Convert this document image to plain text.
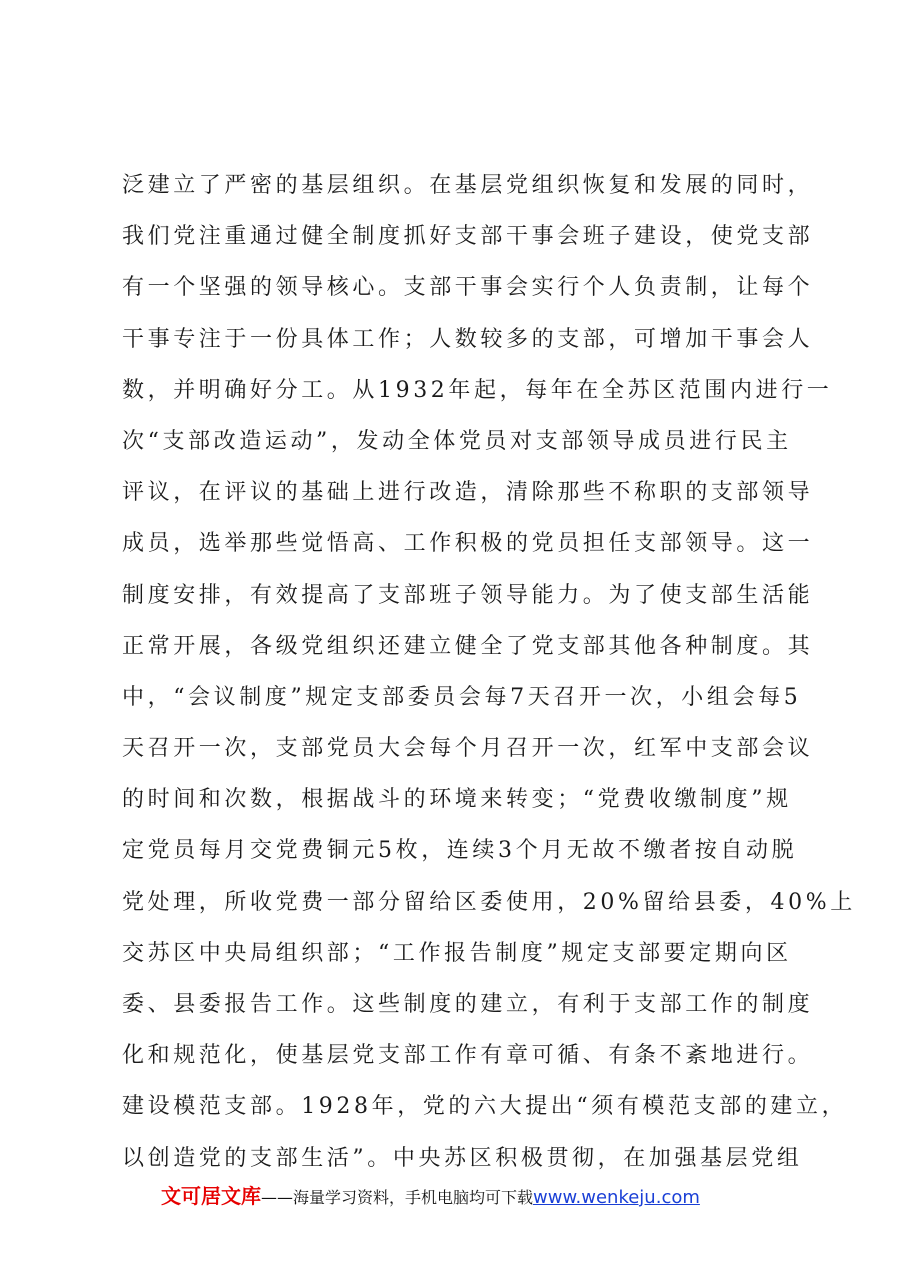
泛建立了严密的基层组织。在基层党组织恢复和发展的同时，
我们党注重通过健全制度抓好支部干事会班子建设，使党支部
有一个坚强的领导核心。支部干事会实行个人负责制，让每个
干事专注于一份具体工作；人数较多的支部，可增加干事会人
数，并明确好分工。从1932年起，每年在全苏区范围内进行一
次“支部改造运动”，发动全体党员对支部领导成员进行民主
评议，在评议的基础上进行改造，清除那些不称职的支部领导
成员，选举那些觉悟高、工作积极的党员担任支部领导。这一
制度安排，有效提高了支部班子领导能力。为了使支部生活能
正常开展，各级党组织还建立健全了党支部其他各种制度。其
中，“会议制度”规定支部委员会每7天召开一次，小组会每5
天召开一次，支部党员大会每个月召开一次，红军中支部会议
的时间和次数，根据战斗的环境来转变；“党费收缴制度”规
定党员每月交党费铜元5枚，连续3个月无故不缴者按自动脱
党处理，所收党费一部分留给区委使用，20%留给县委，40%上
交苏区中央局组织部；“工作报告制度”规定支部要定期向区
委、县委报告工作。这些制度的建立，有利于支部工作的制度
化和规范化，使基层党支部工作有章可循、有条不紊地进行。
建设模范支部。1928年，党的六大提出“须有模范支部的建立，
以创造党的支部生活”。中央苏区积极贯彻，在加强基层党组
文可居文库——海量学习资料，手机电脑均可下载www.wenkeju.com
